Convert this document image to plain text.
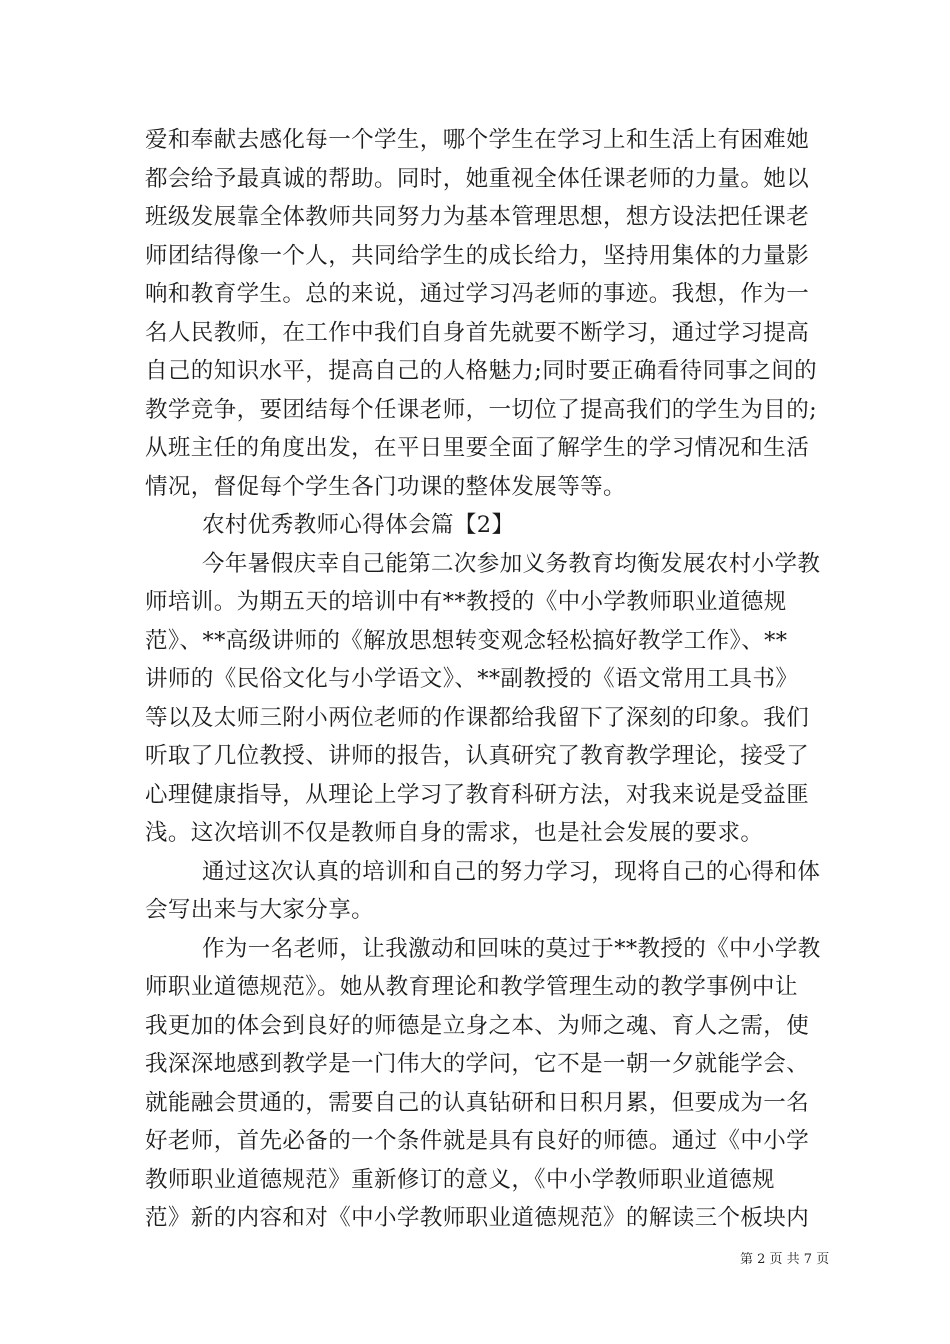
爱和奉献去感化每一个学生，哪个学生在学习上和生活上有困难她
都会给予最真诚的帮助。同时，她重视全体任课老师的力量。她以
班级发展靠全体教师共同努力为基本管理思想，想方设法把任课老
师团结得像一个人，共同给学生的成长给力，坚持用集体的力量影
响和教育学生。总的来说，通过学习冯老师的事迹。我想，作为一
名人民教师，在工作中我们自身首先就要不断学习，通过学习提高
自己的知识水平，提高自己的人格魅力;同时要正确看待同事之间的
教学竞争，要团结每个任课老师，一切位了提高我们的学生为目的;
从班主任的角度出发，在平日里要全面了解学生的学习情况和生活
情况，督促每个学生各门功课的整体发展等等。
农村优秀教师心得体会篇【2】
今年暑假庆幸自己能第二次参加义务教育均衡发展农村小学教
师培训。为期五天的培训中有**教授的《中小学教师职业道德规
范》、**高级讲师的《解放思想转变观念轻松搞好教学工作》、**
讲师的《民俗文化与小学语文》、**副教授的《语文常用工具书》
等以及太师三附小两位老师的作课都给我留下了深刻的印象。我们
听取了几位教授、讲师的报告，认真研究了教育教学理论，接受了
心理健康指导，从理论上学习了教育科研方法，对我来说是受益匪
浅。这次培训不仅是教师自身的需求，也是社会发展的要求。
通过这次认真的培训和自己的努力学习，现将自己的心得和体
会写出来与大家分享。
作为一名老师，让我激动和回味的莫过于**教授的《中小学教
师职业道德规范》。她从教育理论和教学管理生动的教学事例中让
我更加的体会到良好的师德是立身之本、为师之魂、育人之需，使
我深深地感到教学是一门伟大的学问，它不是一朝一夕就能学会、
就能融会贯通的，需要自己的认真钻研和日积月累，但要成为一名
好老师，首先必备的一个条件就是具有良好的师德。通过《中小学
教师职业道德规范》重新修订的意义，《中小学教师职业道德规
范》新的内容和对《中小学教师职业道德规范》的解读三个板块内
第 2 页 共 7 页
